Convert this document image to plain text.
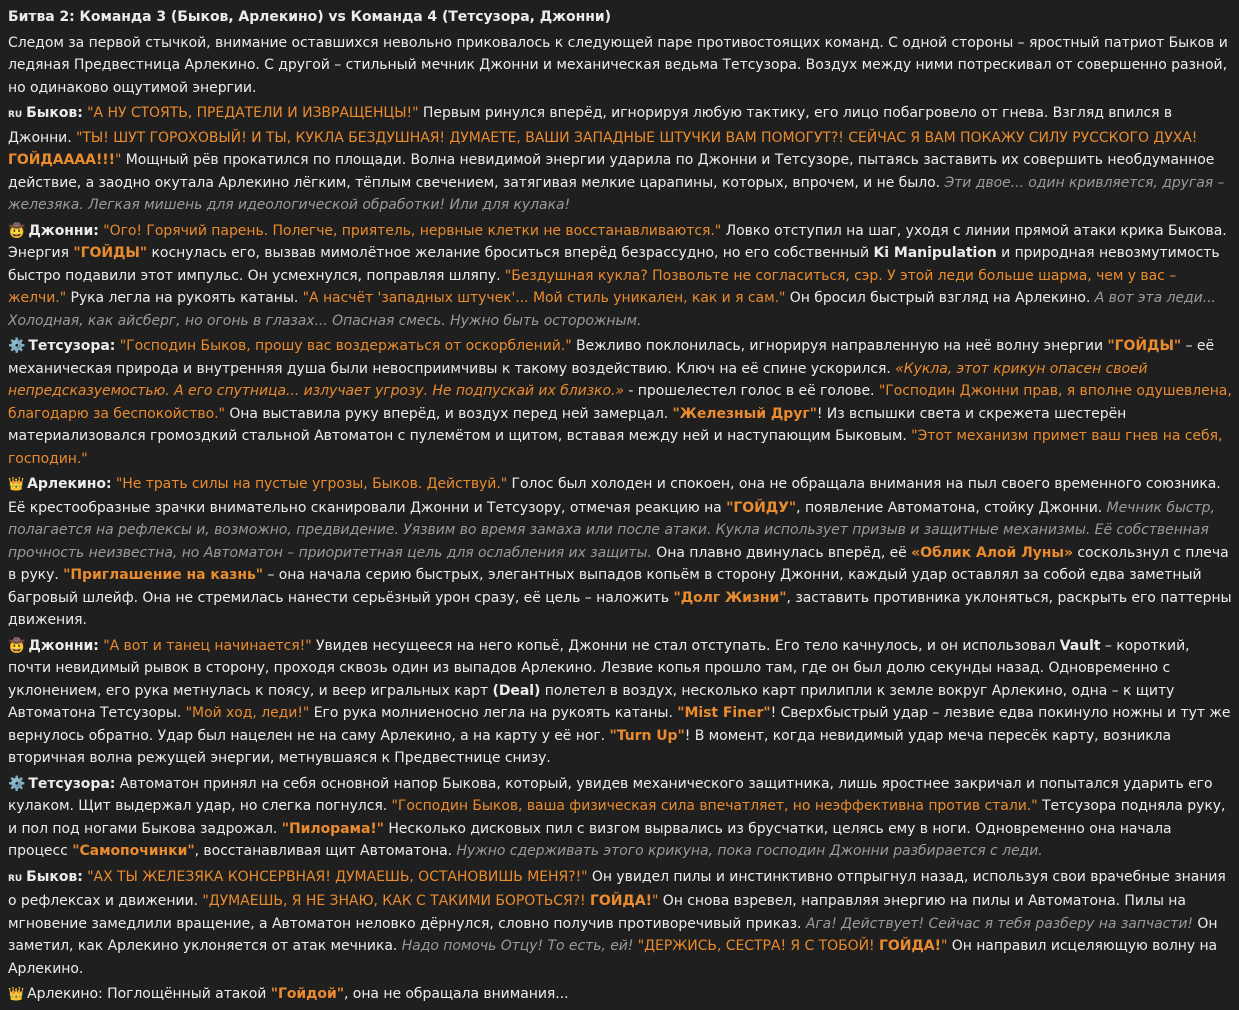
Битва 2: Команда 3 (Быков, Арлекино) vs Команда 4 (Тетсузора, Джонни)

Следом за первой стычкой, внимание оставшихся невольно приковалось к следующей паре противостоящих команд. С одной стороны – яростный патриот Быков и ледяная Предвестница Арлекино. С другой – стильный мечник Джонни и механическая ведьма Тетсузора. Воздух между ними потрескивал от совершенно разной, но одинаково ощутимой энергии.

RU Быков: "А НУ СТОЯТЬ, ПРЕДАТЕЛИ И ИЗВРАЩЕНЦЫ!" Первым ринулся вперёд, игнорируя любую тактику, его лицо побагровело от гнева. Взгляд впился в Джонни. "ТЫ! ШУТ ГОРОХОВЫЙ! И ТЫ, КУКЛА БЕЗДУШНАЯ! ДУМАЕТЕ, ВАШИ ЗАПАДНЫЕ ШТУЧКИ ВАМ ПОМОГУТ?! СЕЙЧАС Я ВАМ ПОКАЖУ СИЛУ РУССКОГО ДУХА! ГОЙДАААА!!!" Мощный рёв прокатился по площади. Волна невидимой энергии ударила по Джонни и Тетсузоре, пытаясь заставить их совершить необдуманное действие, а заодно окутала Арлекино лёгким, тёплым свечением, затягивая мелкие царапины, которых, впрочем, и не было. Эти двое... один кривляется, другая – железяка. Легкая мишень для идеологической обработки! Или для кулака!

🤠 Джонни: "Ого! Горячий парень. Полегче, приятель, нервные клетки не восстанавливаются." Ловко отступил на шаг, уходя с линии прямой атаки крика Быкова. Энергия "ГОЙДЫ" коснулась его, вызвав мимолётное желание броситься вперёд безрассудно, но его собственный Ki Manipulation и природная невозмутимость быстро подавили этот импульс. Он усмехнулся, поправляя шляпу. "Бездушная кукла? Позвольте не согласиться, сэр. У этой леди больше шарма, чем у вас – желчи." Рука легла на рукоять катаны. "А насчёт 'западных штучек'... Мой стиль уникален, как и я сам." Он бросил быстрый взгляд на Арлекино. А вот эта леди... Холодная, как айсберг, но огонь в глазах... Опасная смесь. Нужно быть осторожным.

⚙️ Тетсузора: "Господин Быков, прошу вас воздержаться от оскорблений." Вежливо поклонилась, игнорируя направленную на неё волну энергии "ГОЙДЫ" – её механическая природа и внутренняя душа были невосприимчивы к такому воздействию. Ключ на её спине ускорился. «Кукла, этот крикун опасен своей непредсказуемостью. А его спутница... излучает угрозу. Не подпускай их близко.» - прошелестел голос в её голове. "Господин Джонни прав, я вполне одушевлена, благодарю за беспокойство." Она выставила руку вперёд, и воздух перед ней замерцал. "Железный Друг"! Из вспышки света и скрежета шестерён материализовался громоздкий стальной Автоматон с пулемётом и щитом, вставая между ней и наступающим Быковым. "Этот механизм примет ваш гнев на себя, господин."

👑 Арлекино: "Не трать силы на пустые угрозы, Быков. Действуй." Голос был холоден и спокоен, она не обращала внимания на пыл своего временного союзника. Её крестообразные зрачки внимательно сканировали Джонни и Тетсузору, отмечая реакцию на "ГОЙДУ", появление Автоматона, стойку Джонни. Мечник быстр, полагается на рефлексы и, возможно, предвидение. Уязвим во время замаха или после атаки. Кукла использует призыв и защитные механизмы. Её собственная прочность неизвестна, но Автоматон – приоритетная цель для ослабления их защиты. Она плавно двинулась вперёд, её «Облик Алой Луны» соскользнул с плеча в руку. "Приглашение на казнь" – она начала серию быстрых, элегантных выпадов копьём в сторону Джонни, каждый удар оставлял за собой едва заметный багровый шлейф. Она не стремилась нанести серьёзный урон сразу, её цель – наложить "Долг Жизни", заставить противника уклоняться, раскрыть его паттерны движения.

🤠 Джонни: "А вот и танец начинается!" Увидев несущееся на него копьё, Джонни не стал отступать. Его тело качнулось, и он использовал Vault – короткий, почти невидимый рывок в сторону, проходя сквозь один из выпадов Арлекино. Лезвие копья прошло там, где он был долю секунды назад. Одновременно с уклонением, его рука метнулась к поясу, и веер игральных карт (Deal) полетел в воздух, несколько карт прилипли к земле вокруг Арлекино, одна – к щиту Автоматона Тетсузоры. "Мой ход, леди!" Его рука молниеносно легла на рукоять катаны. "Mist Finer"! Сверхбыстрый удар – лезвие едва покинуло ножны и тут же вернулось обратно. Удар был нацелен не на саму Арлекино, а на карту у её ног. "Turn Up"! В момент, когда невидимый удар меча пересёк карту, возникла вторичная волна режущей энергии, метнувшаяся к Предвестнице снизу.

⚙️ Тетсузора: Автоматон принял на себя основной напор Быкова, который, увидев механического защитника, лишь яростнее закричал и попытался ударить его кулаком. Щит выдержал удар, но слегка погнулся. "Господин Быков, ваша физическая сила впечатляет, но неэффективна против стали." Тетсузора подняла руку, и пол под ногами Быкова задрожал. "Пилорама!" Несколько дисковых пил с визгом вырвались из брусчатки, целясь ему в ноги. Одновременно она начала процесс "Самопочинки", восстанавливая щит Автоматона. Нужно сдерживать этого крикуна, пока господин Джонни разбирается с леди.

RU Быков: "АХ ТЫ ЖЕЛЕЗЯКА КОНСЕРВНАЯ! ДУМАЕШЬ, ОСТАНОВИШЬ МЕНЯ?!" Он увидел пилы и инстинктивно отпрыгнул назад, используя свои врачебные знания о рефлексах и движении. "ДУМАЕШЬ, Я НЕ ЗНАЮ, КАК С ТАКИМИ БОРОТЬСЯ?! ГОЙДА!" Он снова взревел, направляя энергию на пилы и Автоматона. Пилы на мгновение замедлили вращение, а Автоматон неловко дёрнулся, словно получив противоречивый приказ. Ага! Действует! Сейчас я тебя разберу на запчасти! Он заметил, как Арлекино уклоняется от атак мечника. Надо помочь Отцу! То есть, ей! "ДЕРЖИСЬ, СЕСТРА! Я С ТОБОЙ! ГОЙДА!" Он направил исцеляющую волну на Арлекино.

👑 Арлекино: Поглощённый атакой "Гойдой", она не обращала внимания...
